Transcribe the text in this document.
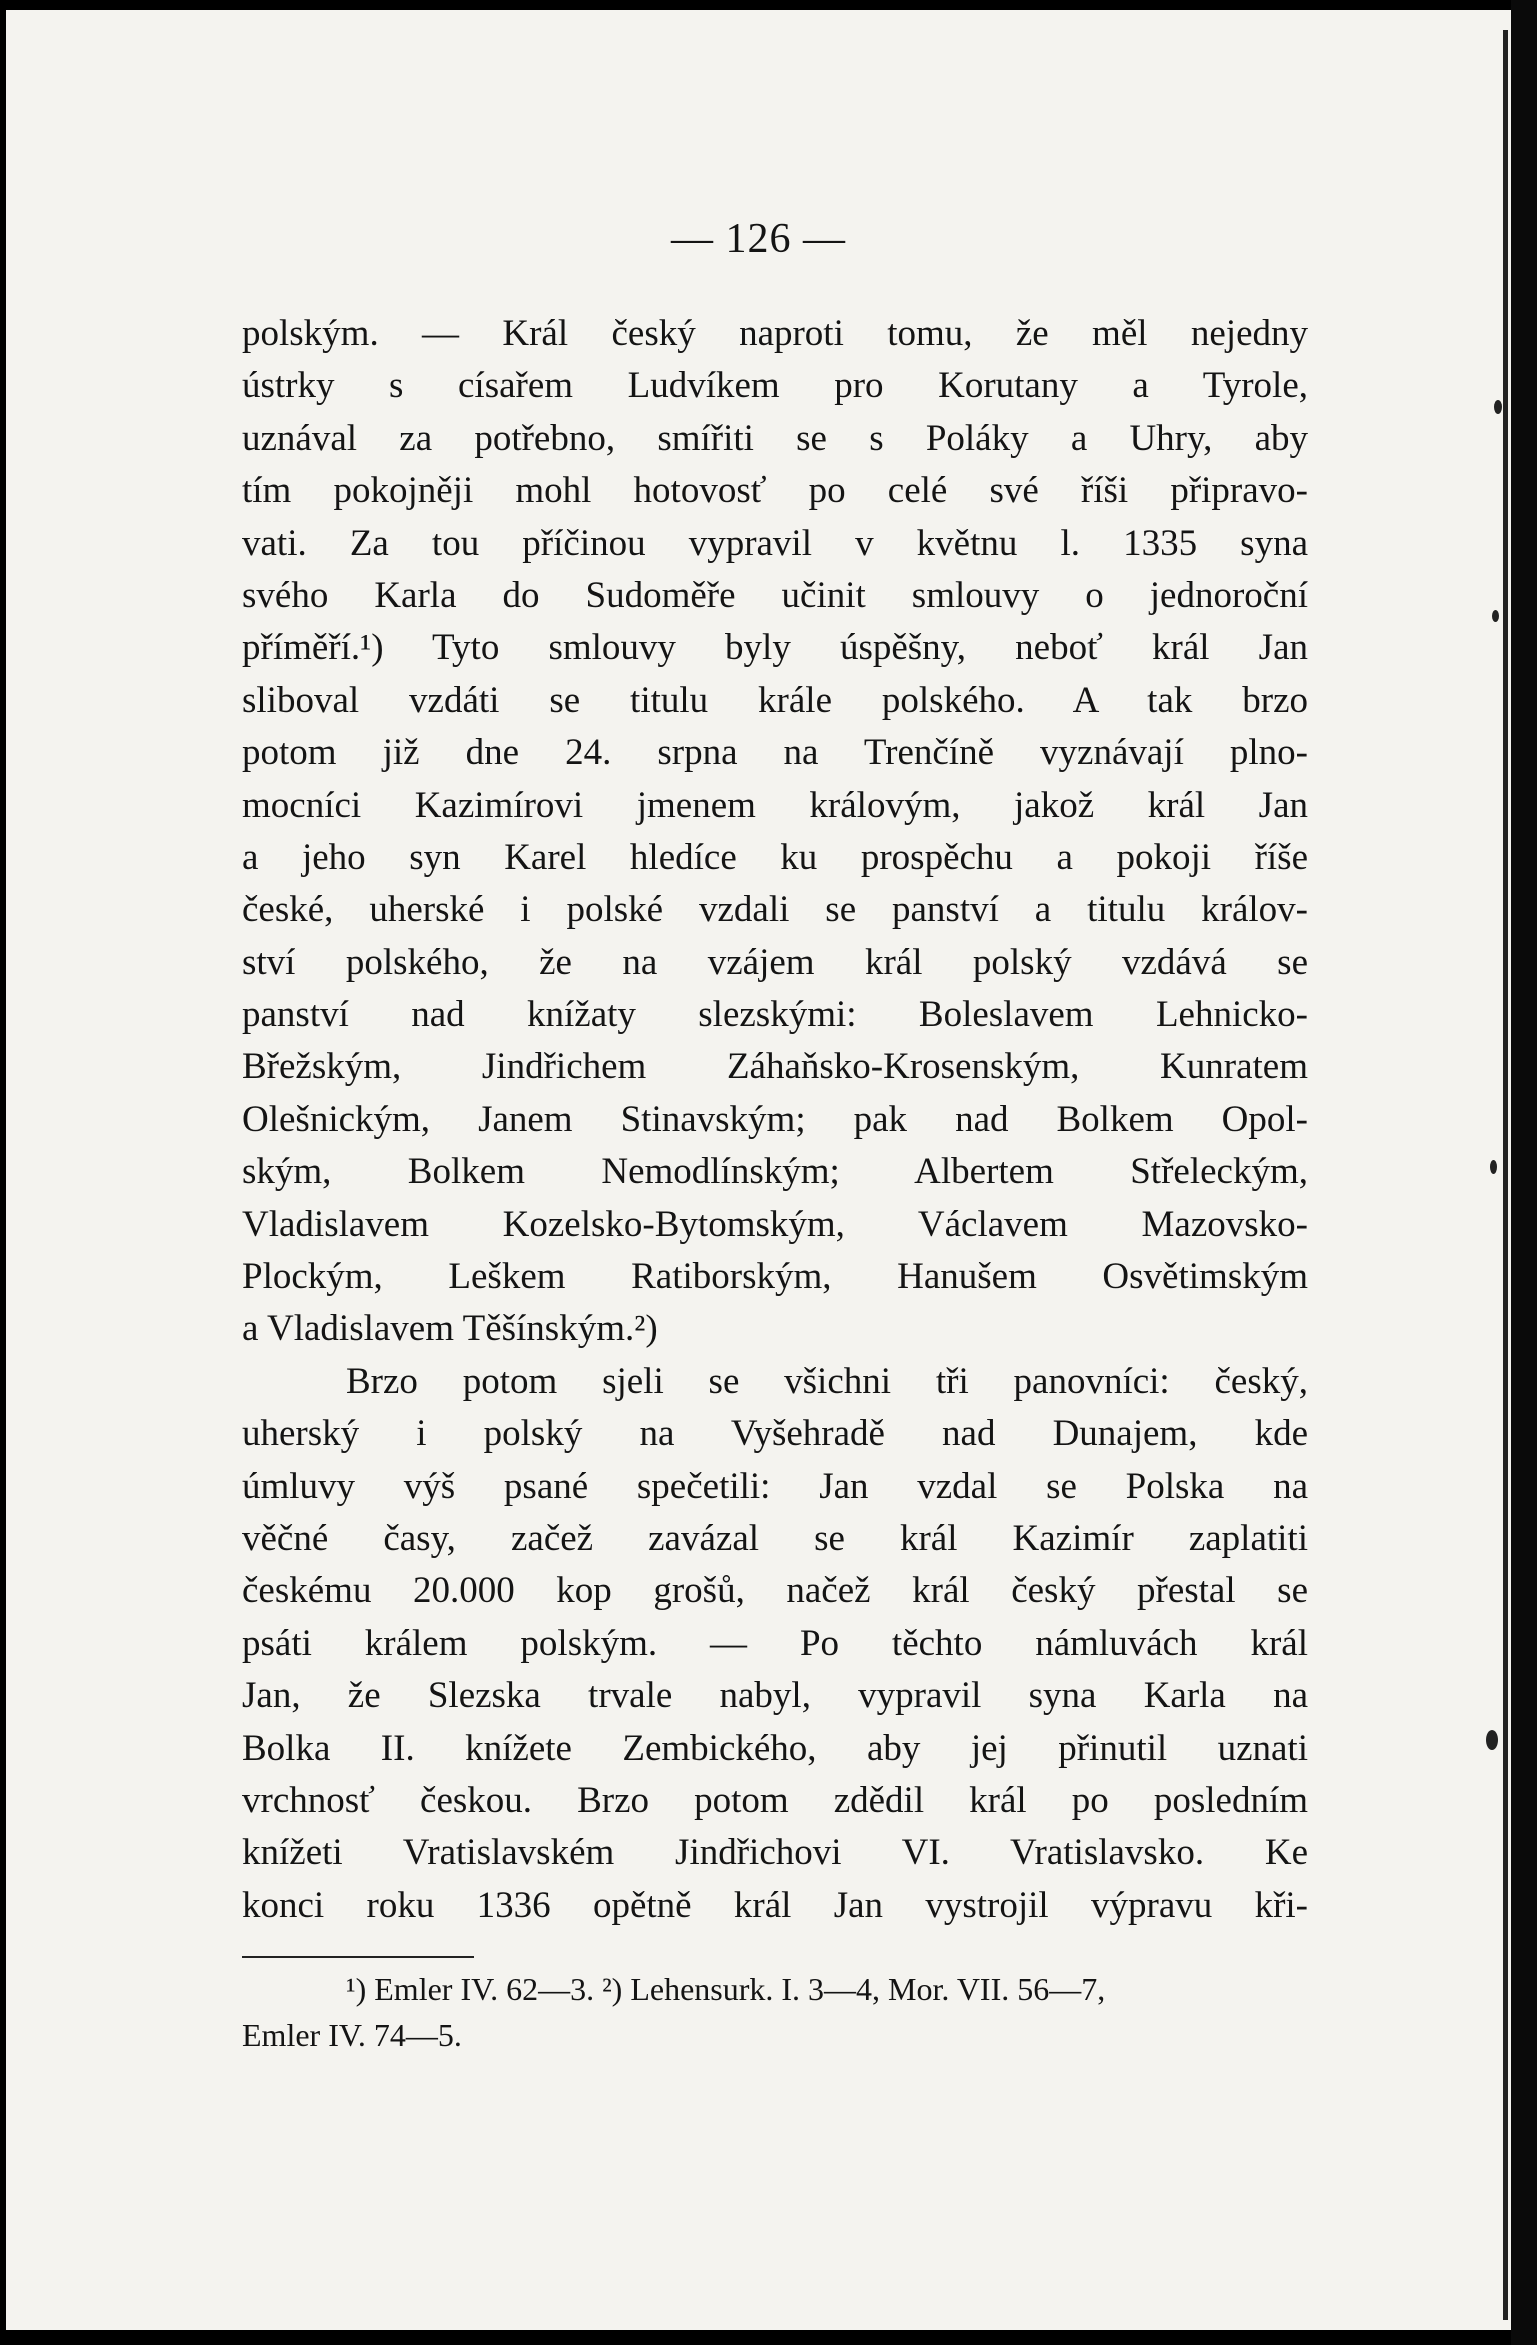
— 126 —
polským. — Král český naproti tomu, že měl nejedny
ústrky s císařem Ludvíkem pro Korutany a Tyrole,
uznával za potřebno, smířiti se s Poláky a Uhry, aby
tím pokojněji mohl hotovosť po celé své říši připravo-
vati. Za tou příčinou vypravil v květnu l. 1335 syna
svého Karla do Sudoměře učinit smlouvy o jednoroční
příměří.¹) Tyto smlouvy byly úspěšny, neboť král Jan
sliboval vzdáti se titulu krále polského. A tak brzo
potom již dne 24. srpna na Trenčíně vyznávají plno-
mocníci Kazimírovi jmenem královým, jakož král Jan
a jeho syn Karel hledíce ku prospěchu a pokoji říše
české, uherské i polské vzdali se panství a titulu králov-
ství polského, že na vzájem král polský vzdává se
panství nad knížaty slezskými: Boleslavem Lehnicko-
Břežským, Jindřichem Záhaňsko-Krosenským, Kunratem
Olešnickým, Janem Stinavským; pak nad Bolkem Opol-
ským, Bolkem Nemodlínským; Albertem Střeleckým,
Vladislavem Kozelsko-Bytomským, Václavem Mazovsko-
Plockým, Leškem Ratiborským, Hanušem Osvětimským
a Vladislavem Těšínským.²)
Brzo potom sjeli se všichni tři panovníci: český,
uherský i polský na Vyšehradě nad Dunajem, kde
úmluvy výš psané spečetili: Jan vzdal se Polska na
věčné časy, začež zavázal se král Kazimír zaplatiti
českému 20.000 kop grošů, načež král český přestal se
psáti králem polským. — Po těchto námluvách král
Jan, že Slezska trvale nabyl, vypravil syna Karla na
Bolka II. knížete Zembického, aby jej přinutil uznati
vrchnosť českou. Brzo potom zdědil král po posledním
knížeti Vratislavském Jindřichovi VI. Vratislavsko. Ke
konci roku 1336 opětně král Jan vystrojil výpravu kři-
¹) Emler IV. 62—3. ²) Lehensurk. I. 3—4, Mor. VII. 56—7,
Emler IV. 74—5.
